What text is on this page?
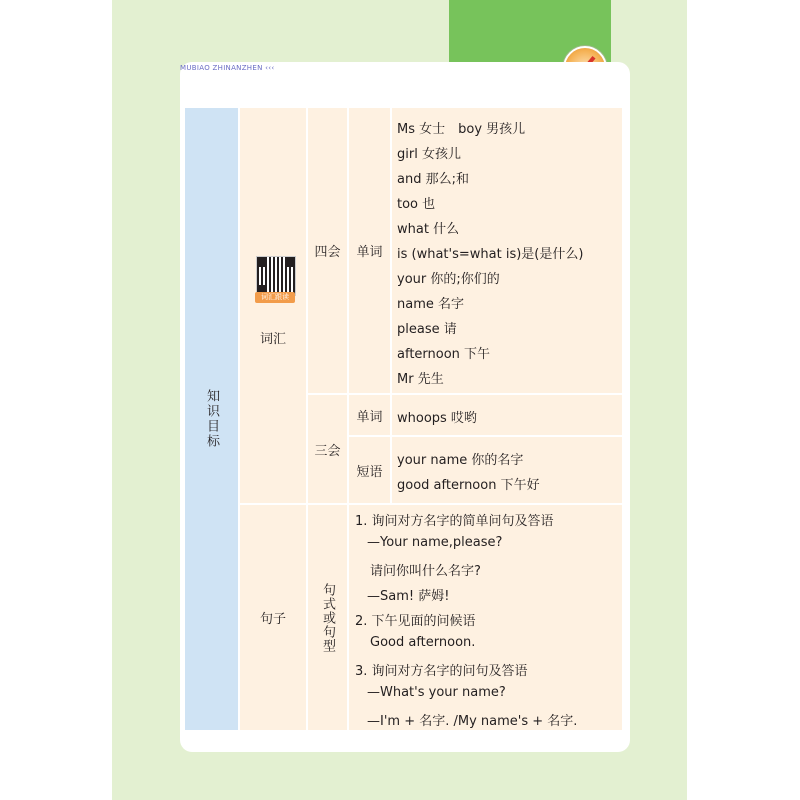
MUBIAO ZHINANZHEN ‹‹‹
知识目标
词汇跟读
词汇
四会 单词
Ms 女士　boy 男孩儿
girl 女孩儿
and 那么;和
too 也
what 什么
is (what's=what is)是(是什么)
your 你的;你们的
name 名字
please 请
afternoon 下午
Mr 先生
三会
单词 whoops 哎哟
短语
your name 你的名字
good afternoon 下午好
句子	句式或句型
1. 询问对方名字的简单问句及答语
—Your name,please?
请问你叫什么名字?
—Sam! 萨姆!
2. 下午见面的问候语
Good afternoon.
3. 询问对方名字的问句及答语
—What's your name?
—I'm + 名字. /My name's + 名字.
